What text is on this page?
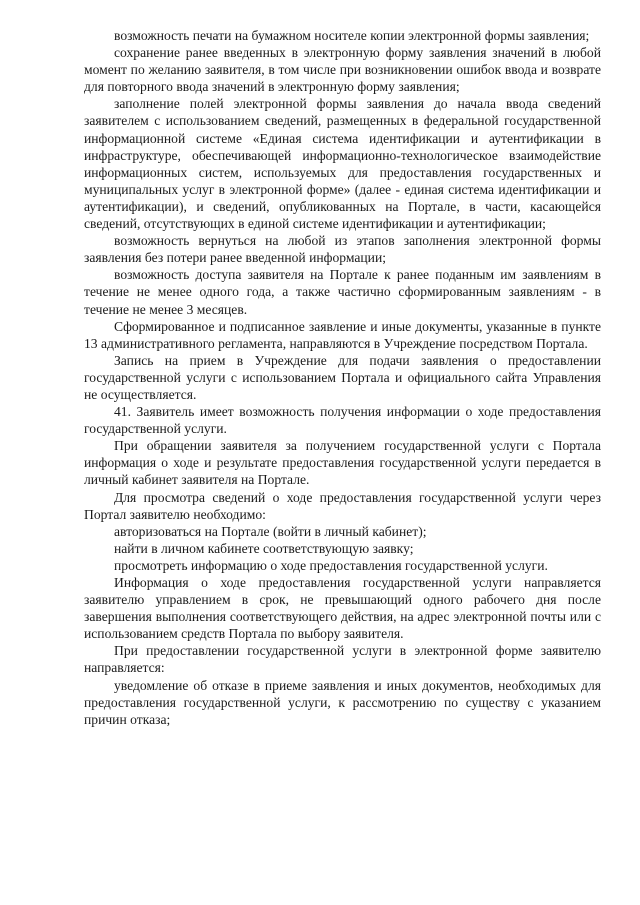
возможность печати на бумажном носителе копии электронной формы заявления;

сохранение ранее введенных в электронную форму заявления значений в любой момент по желанию заявителя, в том числе при возникновении ошибок ввода и возврате для повторного ввода значений в электронную форму заявления;

заполнение полей электронной формы заявления до начала ввода сведений заявителем с использованием сведений, размещенных в федеральной государственной информационной системе «Единая система идентификации и аутентификации в инфраструктуре, обеспечивающей информационно-технологическое взаимодействие информационных систем, используемых для предоставления государственных и муниципальных услуг в электронной форме» (далее - единая система идентификации и аутентификации), и сведений, опубликованных на Портале, в части, касающейся сведений, отсутствующих в единой системе идентификации и аутентификации;

возможность вернуться на любой из этапов заполнения электронной формы заявления без потери ранее введенной информации;

возможность доступа заявителя на Портале к ранее поданным им заявлениям в течение не менее одного года, а также частично сформированным заявлениям - в течение не менее 3 месяцев.

Сформированное и подписанное заявление и иные документы, указанные в пункте 13 административного регламента, направляются в Учреждение посредством Портала.

Запись на прием в Учреждение для подачи заявления о предоставлении государственной услуги с использованием Портала и официального сайта Управления не осуществляется.

41. Заявитель имеет возможность получения информации о ходе предоставления государственной услуги.

При обращении заявителя за получением государственной услуги с Портала информация о ходе и результате предоставления государственной услуги передается в личный кабинет заявителя на Портале.

Для просмотра сведений о ходе предоставления государственной услуги через Портал заявителю необходимо:

авторизоваться на Портале (войти в личный кабинет);

найти в личном кабинете соответствующую заявку;

просмотреть информацию о ходе предоставления государственной услуги.

Информация о ходе предоставления государственной услуги направляется заявителю управлением в срок, не превышающий одного рабочего дня после завершения выполнения соответствующего действия, на адрес электронной почты или с использованием средств Портала по выбору заявителя.

При предоставлении государственной услуги в электронной форме заявителю направляется:

уведомление об отказе в приеме заявления и иных документов, необходимых для предоставления государственной услуги, к рассмотрению по существу с указанием причин отказа;
